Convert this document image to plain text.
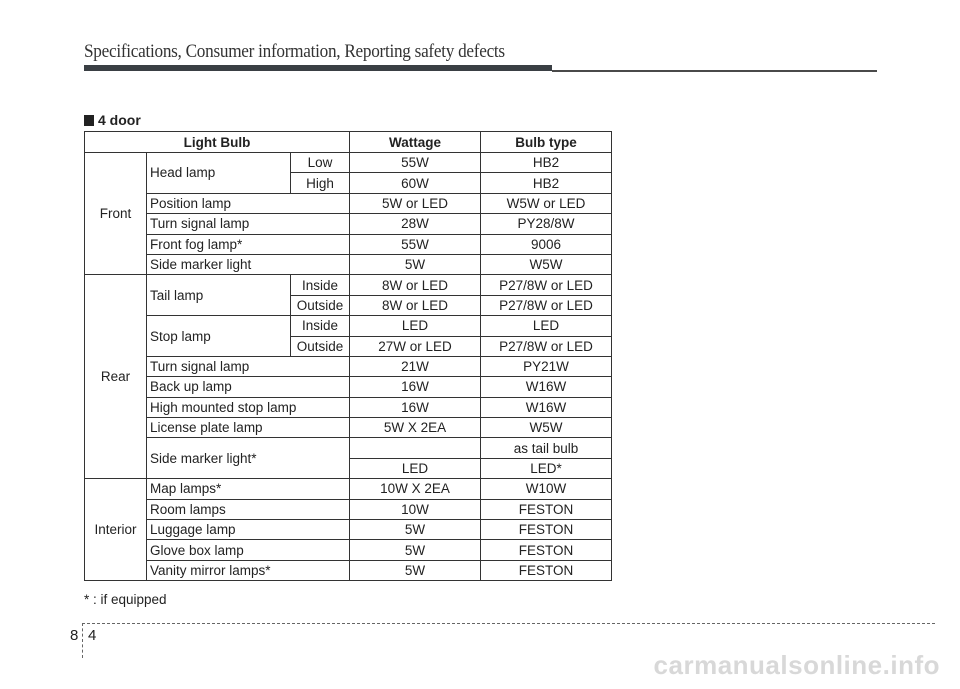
Specifications, Consumer information, Reporting safety defects
4 door
Light Bulb			Wattage	Bulb type
Front	Head lamp	Low	55W	HB2
		High	60W	HB2
	Position lamp		5W or LED	W5W or LED
	Turn signal lamp		28W	PY28/8W
	Front fog lamp*		55W	9006
	Side marker light		5W	W5W
Rear	Tail lamp	Inside	8W or LED	P27/8W or LED
		Outside	8W or LED	P27/8W or LED
	Stop lamp	Inside	LED	LED
		Outside	27W or LED	P27/8W or LED
	Turn signal lamp		21W	PY21W
	Back up lamp		16W	W16W
	High mounted stop lamp		16W	W16W
	License plate lamp		5W X 2EA	W5W
	Side marker light*			as tail bulb
			LED	LED*
Interior	Map lamps*		10W X 2EA	W10W
	Room lamps		10W	FESTON
	Luggage lamp		5W	FESTON
	Glove box lamp		5W	FESTON
	Vanity mirror lamps*		5W	FESTON
* : if equipped
8 4
carmanualsonline.info
